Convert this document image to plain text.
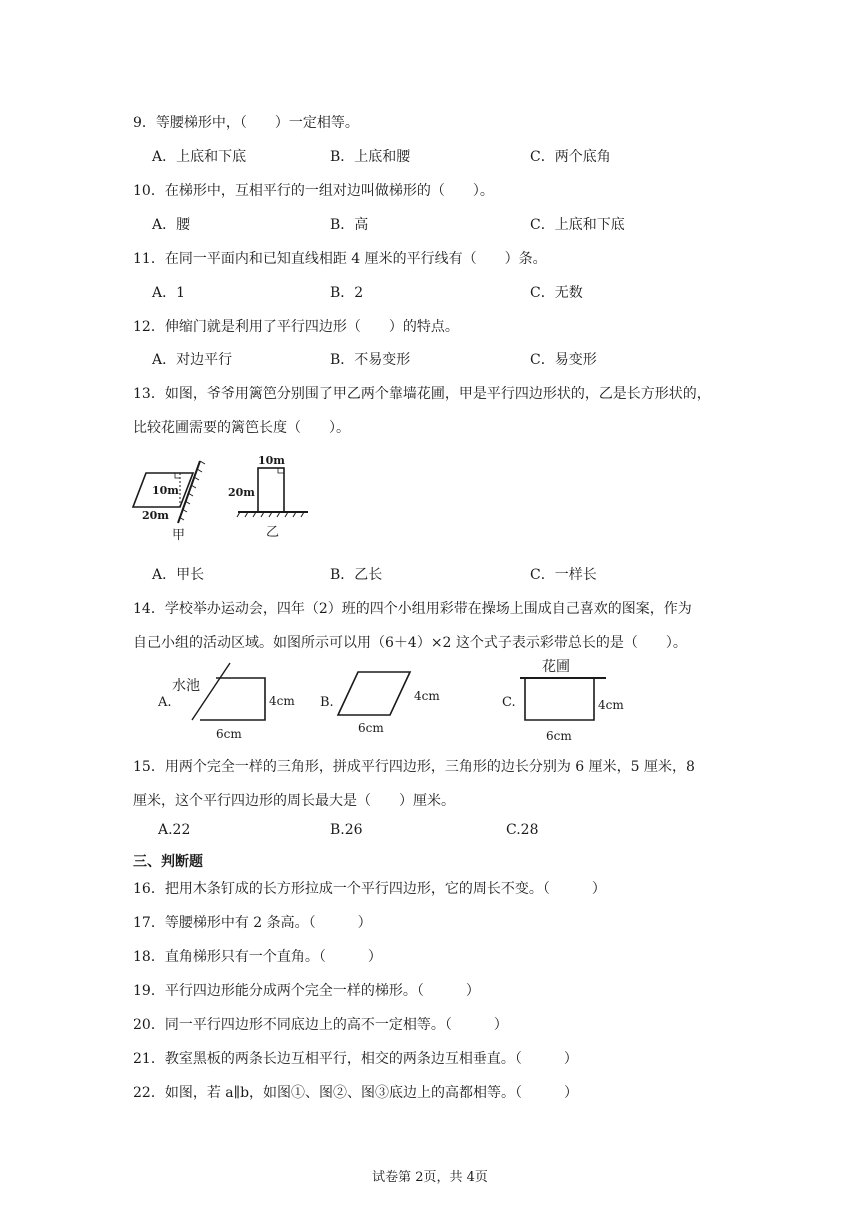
9．等腰梯形中，（　　）一定相等。
A．上底和下底	B．上底和腰	C．两个底角
10．在梯形中，互相平行的一组对边叫做梯形的（　　）。
A．腰	B．高	C．上底和下底
11．在同一平面内和已知直线相距 4 厘米的平行线有（　　）条。
A．1	B．2	C．无数
12．伸缩门就是利用了平行四边形（　　）的特点。
A．对边平行	B．不易变形	C．易变形
13．如图，爷爷用篱笆分别围了甲乙两个靠墙花圃，甲是平行四边形状的，乙是长方形状的，
比较花圃需要的篱笆长度（　　）。
10m
20m
甲
10m
20m
乙
A．甲长	B．乙长	C．一样长
14．学校举办运动会，四年（2）班的四个小组用彩带在操场上围成自己喜欢的图案，作为
自己小组的活动区域。如图所示可以用（6＋4）×2 这个式子表示彩带总长的是（　　）。
A.
水池
4cm
6cm
B.	4cm
6cm
C.
花圃
4cm
6cm
15．用两个完全一样的三角形，拼成平行四边形，三角形的边长分别为 6 厘米，5 厘米，8
厘米，这个平行四边形的周长最大是（　　）厘米。
A.22	B.26	C.28
三、判断题
16．把用木条钉成的长方形拉成一个平行四边形，它的周长不变。（　　　）
17．等腰梯形中有 2 条高。（　　　）
18．直角梯形只有一个直角。（　　　）
19．平行四边形能分成两个完全一样的梯形。（　　　）
20．同一平行四边形不同底边上的高不一定相等。（　　　）
21．教室黑板的两条长边互相平行，相交的两条边互相垂直。（　　　）
22．如图，若 a∥b，如图①、图②、图③底边上的高都相等。（　　　）
试卷第 2页，共 4页
